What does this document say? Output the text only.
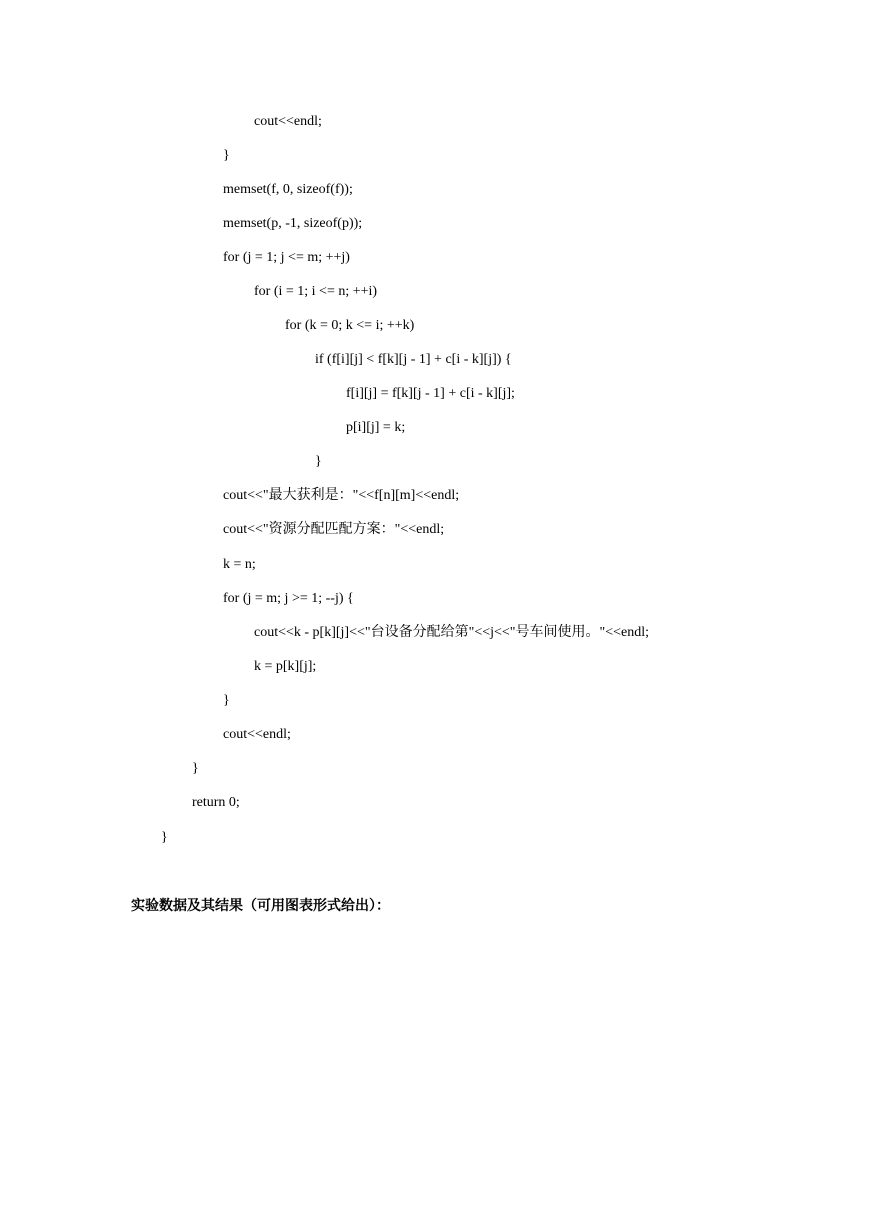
cout<<endl;
}
memset(f, 0, sizeof(f));
memset(p, -1, sizeof(p));
for (j = 1; j <= m; ++j)
for (i = 1; i <= n; ++i)
for (k = 0; k <= i; ++k)
if (f[i][j] < f[k][j - 1] + c[i - k][j]) {
f[i][j] = f[k][j - 1] + c[i - k][j];
p[i][j] = k;
}
cout<<"最大获利是："<<f[n][m]<<endl;
cout<<"资源分配匹配方案："<<endl;
k = n;
for (j = m; j >= 1; --j) {
cout<<k - p[k][j]<<"台设备分配给第"<<j<<"号车间使用。"<<endl;
k = p[k][j];
}
cout<<endl;
}
return 0;
}
实验数据及其结果（可用图表形式给出）：
